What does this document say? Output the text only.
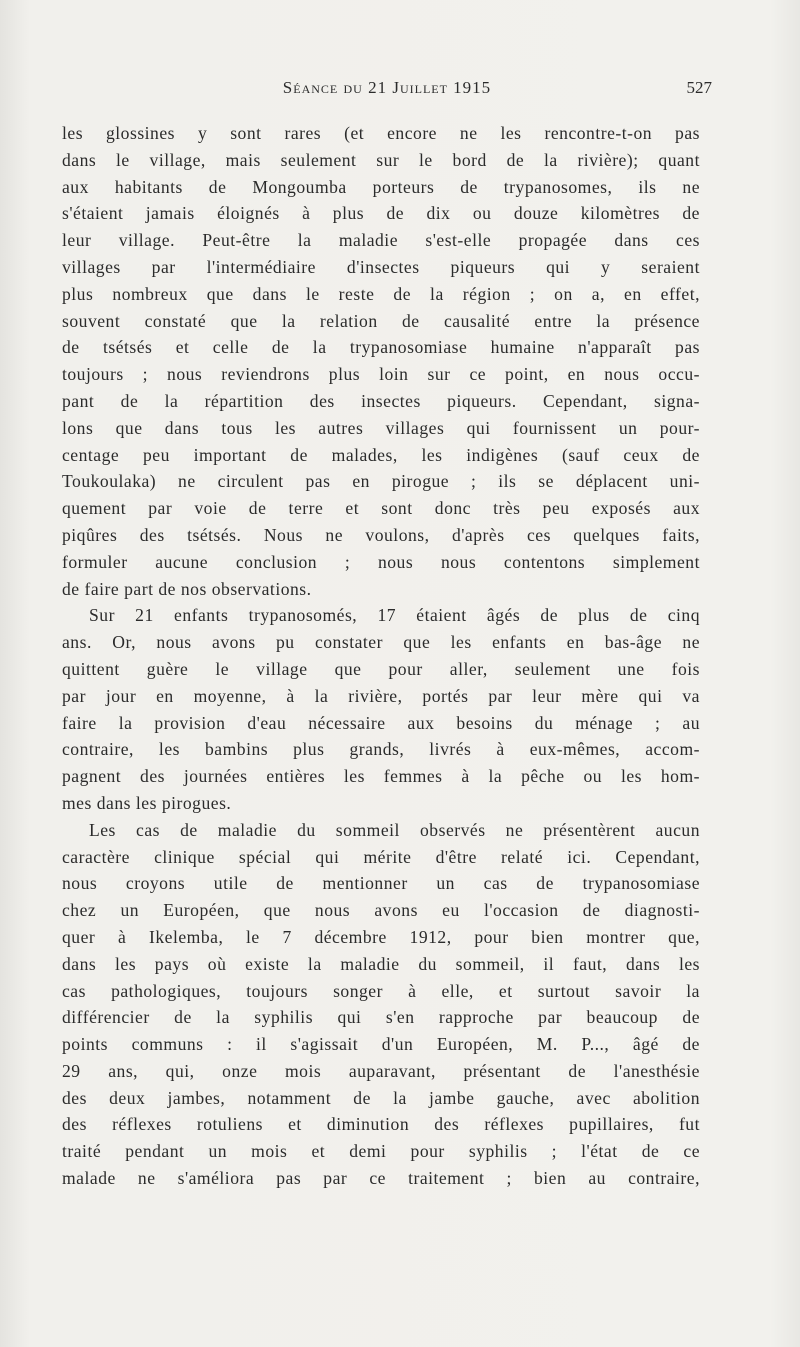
Séance du 21 Juillet 1915	527
les glossines y sont rares (et encore ne les rencontre-t-on pas
dans le village, mais seulement sur le bord de la rivière); quant
aux habitants de Mongoumba porteurs de trypanosomes, ils ne
s'étaient jamais éloignés à plus de dix ou douze kilomètres de
leur village. Peut-être la maladie s'est-elle propagée dans ces
villages par l'intermédiaire d'insectes piqueurs qui y seraient
plus nombreux que dans le reste de la région ; on a, en effet,
souvent constaté que la relation de causalité entre la présence
de tsétsés et celle de la trypanosomiase humaine n'apparaît pas
toujours ; nous reviendrons plus loin sur ce point, en nous occu-
pant de la répartition des insectes piqueurs. Cependant, signa-
lons que dans tous les autres villages qui fournissent un pour-
centage peu important de malades, les indigènes (sauf ceux de
Toukoulaka) ne circulent pas en pirogue ; ils se déplacent uni-
quement par voie de terre et sont donc très peu exposés aux
piqûres des tsétsés. Nous ne voulons, d'après ces quelques faits,
formuler aucune conclusion ; nous nous contentons simplement
de faire part de nos observations.
Sur 21 enfants trypanosomés, 17 étaient âgés de plus de cinq
ans. Or, nous avons pu constater que les enfants en bas-âge ne
quittent guère le village que pour aller, seulement une fois
par jour en moyenne, à la rivière, portés par leur mère qui va
faire la provision d'eau nécessaire aux besoins du ménage ; au
contraire, les bambins plus grands, livrés à eux-mêmes, accom-
pagnent des journées entières les femmes à la pêche ou les hom-
mes dans les pirogues.
Les cas de maladie du sommeil observés ne présentèrent aucun
caractère clinique spécial qui mérite d'être relaté ici. Cependant,
nous croyons utile de mentionner un cas de trypanosomiase
chez un Européen, que nous avons eu l'occasion de diagnosti-
quer à Ikelemba, le 7 décembre 1912, pour bien montrer que,
dans les pays où existe la maladie du sommeil, il faut, dans les
cas pathologiques, toujours songer à elle, et surtout savoir la
différencier de la syphilis qui s'en rapproche par beaucoup de
points communs : il s'agissait d'un Européen, M. P..., âgé de
29 ans, qui, onze mois auparavant, présentant de l'anesthésie
des deux jambes, notamment de la jambe gauche, avec abolition
des réflexes rotuliens et diminution des réflexes pupillaires, fut
traité pendant un mois et demi pour syphilis ; l'état de ce
malade ne s'améliora pas par ce traitement ; bien au contraire,
